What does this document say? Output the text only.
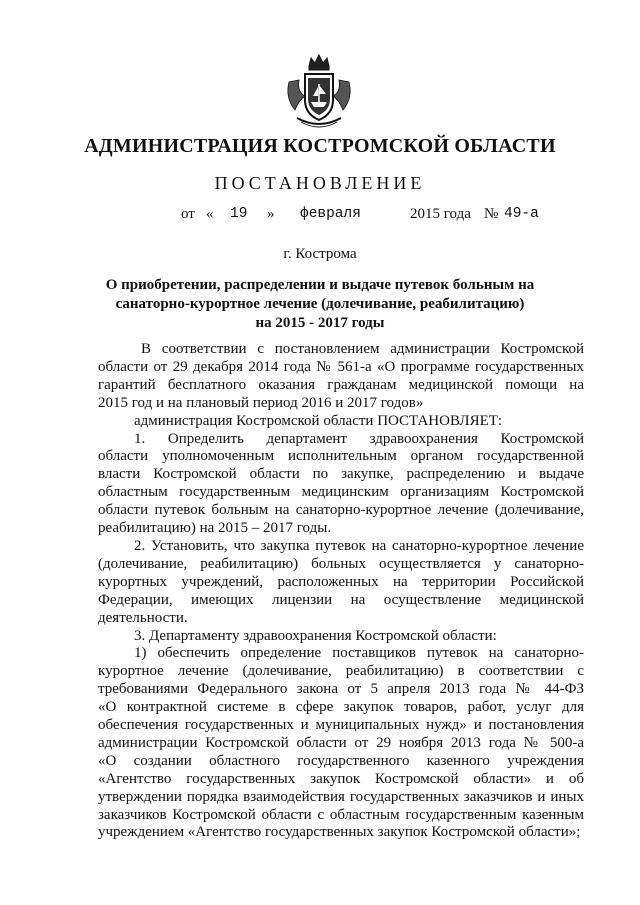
АДМИНИСТРАЦИЯ КОСТРОМСКОЙ ОБЛАСТИ
ПОСТАНОВЛЕНИЕ
от « 19 » февраля	2015 года № 49-а
г. Кострома
О приобретении, распределении и выдаче путевок больным на
санаторно-курортное лечение (долечивание, реабилитацию)
на 2015 - 2017 годы

В соответствии с постановлением администрации Костромской

области от 29 декабря 2014 года № 561-а «О программе государственных

гарантий бесплатного оказания гражданам медицинской помощи на

2015 год и на плановый период 2016 и 2017 годов»

администрация Костромской области ПОСТАНОВЛЯЕТ:

1. Определить департамент здравоохранения Костромской

области уполномоченным исполнительным органом государственной

власти Костромской области по закупке, распределению и выдаче

областным государственным медицинским организациям Костромской

области путевок больным на санаторно-курортное лечение (долечивание,

реабилитацию) на 2015 – 2017 годы.

2. Установить, что закупка путевок на санаторно-курортное лечение

(долечивание, реабилитацию) больных осуществляется у санаторно-

курортных учреждений, расположенных на территории Российской

Федерации, имеющих лицензии на осуществление медицинской

деятельности.

3. Департаменту здравоохранения Костромской области:

1) обеспечить определение поставщиков путевок на санаторно-

курортное лечение (долечивание, реабилитацию) в соответствии с

требованиями Федерального закона от 5 апреля 2013 года № 44-ФЗ

«О контрактной системе в сфере закупок товаров, работ, услуг для

обеспечения государственных и муниципальных нужд» и постановления

администрации Костромской области от 29 ноября 2013 года № 500-а

«О создании областного государственного казенного учреждения

«Агентство государственных закупок Костромской области» и об

утверждении порядка взаимодействия государственных заказчиков и иных

заказчиков Костромской области с областным государственным казенным

учреждением «Агентство государственных закупок Костромской области»;
